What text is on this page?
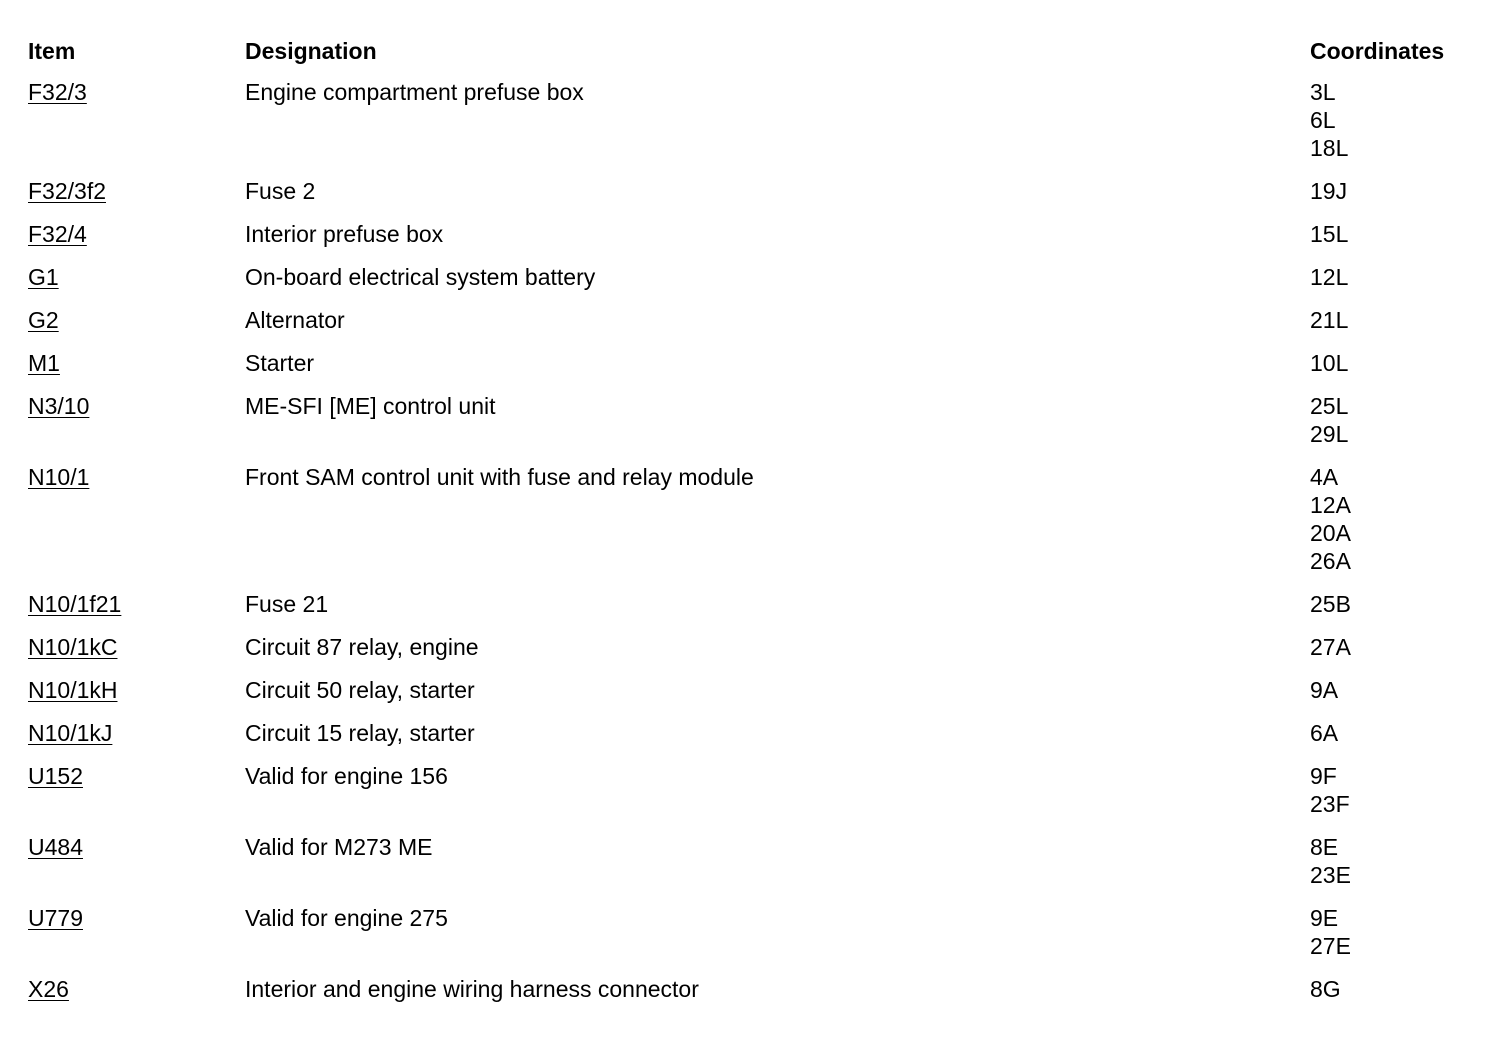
Item	Designation	Coordinates
F32/3	Engine compartment prefuse box	3L
6L
18L
F32/3f2	Fuse 2	19J
F32/4	Interior prefuse box	15L
G1	On-board electrical system battery	12L
G2	Alternator	21L
M1	Starter	10L
N3/10	ME-SFI [ME] control unit	25L
29L
N10/1	Front SAM control unit with fuse and relay module	4A
12A
20A
26A
N10/1f21	Fuse 21	25B
N10/1kC	Circuit 87 relay, engine	27A
N10/1kH	Circuit 50 relay, starter	9A
N10/1kJ	Circuit 15 relay, starter	6A
U152	Valid for engine 156	9F
23F
U484	Valid for M273 ME	8E
23E
U779	Valid for engine 275	9E
27E
X26	Interior and engine wiring harness connector	8G
